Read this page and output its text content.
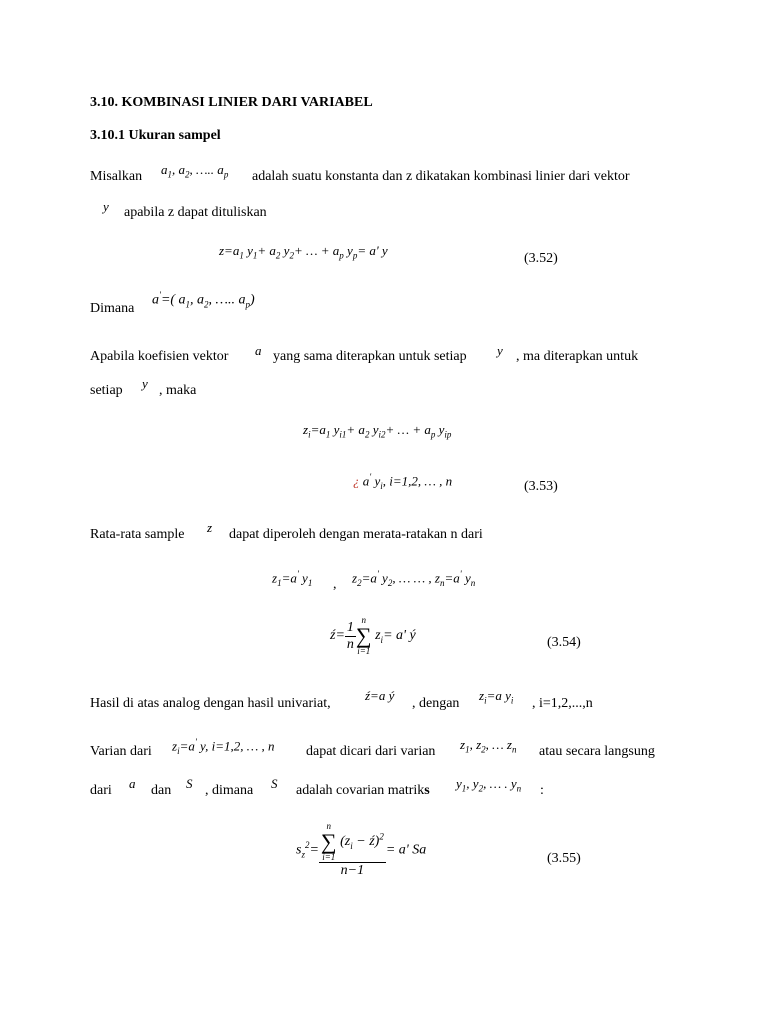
3.10. KOMBINASI LINIER DARI VARIABEL
3.10.1 Ukuran sampel
Misalkan $a_1$, $a_2$, ….. $a_p$ adalah suatu konstanta dan z dikatakan kombinasi linier dari vektor
y apabila z dapat dituliskan
$z=a_1$ $y_1+ a_2$ $y_2+$ … + $a_p$ $y_p= a'$ y
(3.52)
Dimana
a'=( $a_1$, $a_2$, ….. $a_p$)
Apabila koefisien vektor a yang sama diterapkan untuk setiap y , ma diterapkan untuk
setiap y , maka
$z_i=a_1$ $y_{i1}+ a_2$ $y_{i2}+$ … + $a_p$ $y_{ip}$
¿ a' $y_i$, i=1,2, … , n	(3.53)
Rata-rata sample z dapat diperoleh dengan merata-ratakan n dari
$z_1=a'$ $y_1$ , $z_2=a'$ $y_2$, … … , $z_n=a'$ $y_n$
ź= $\frac{1}{n}$ n
∑
i=1
$z_i= a'$ ý	(3.54)
Hasil di atas analog dengan hasil univariat,
ź=a ý
, dengan
$z_i=a$ $y_i$ , i=1,2,...,n
Varian dari $z_i=a'$ y, i=1,2, … , n dapat dicari dari varian $z_1$, $z_2$, … $z_n$ atau secara langsung
dari a dan S , dimana S adalah covarian matriks $y_1$, $y_2$, … . $y_n$ :
$s_z^2= n$
∑
i=1
($z_i$ − ź)$^2$
n−1 = a' Sa
(3.55)
